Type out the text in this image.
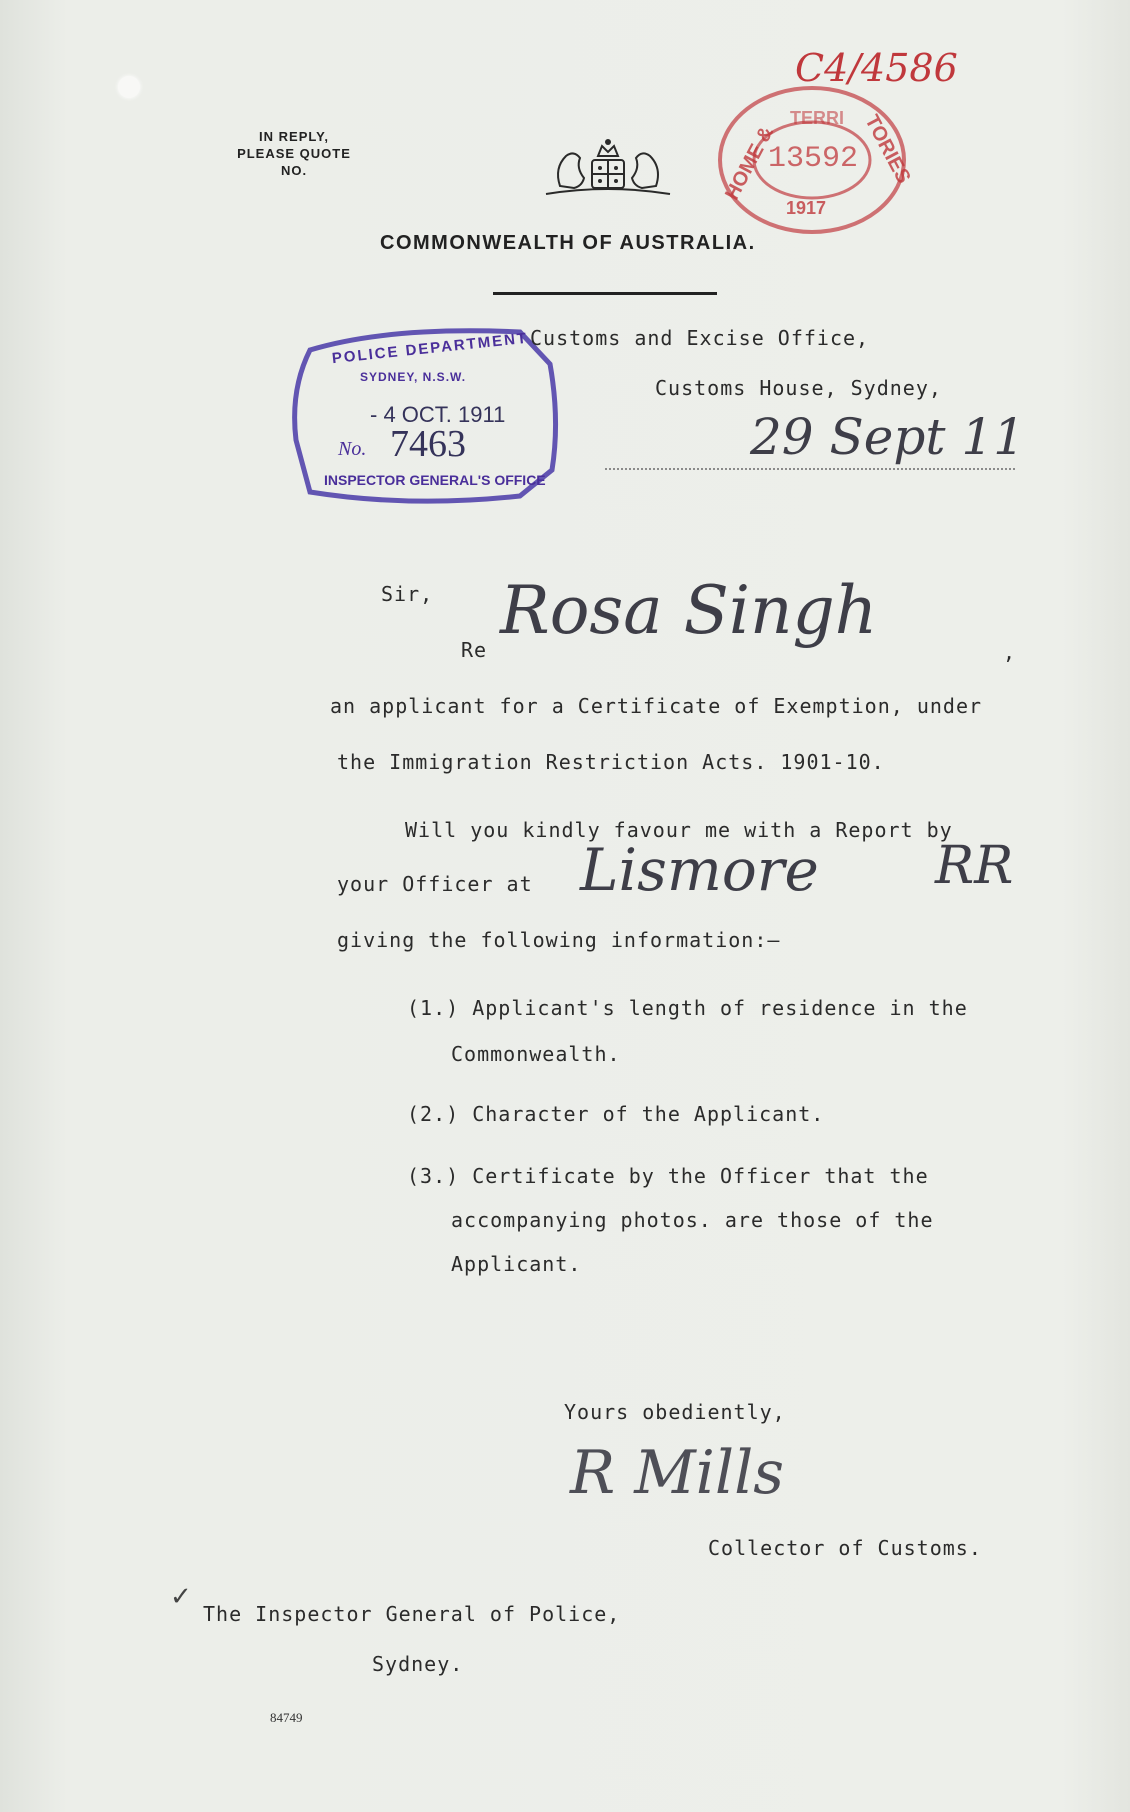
IN REPLY,
PLEASE QUOTE
NO.
C4/4586
HOME &
TERRI TORIES
13592
1917
COMMONWEALTH OF AUSTRALIA.
POLICE DEPARTMENT
SYDNEY, N.S.W.
- 4 OCT. 1911
No. 7463
INSPECTOR GENERAL'S OFFICE
Customs and Excise Office,
Customs House, Sydney,
29 Sept 11
Sir,
Re
Rosa Singh
,
an applicant for a Certificate of Exemption, under
the Immigration Restriction Acts. 1901-10.
Will you kindly favour me with a Report by
your Officer at Lismore RR
giving the following information:—
(1.) Applicant's length of residence in the
Commonwealth.
(2.) Character of the Applicant.
(3.) Certificate by the Officer that the
accompanying photos. are those of the
Applicant.
Yours obediently,
R Mills
Collector of Customs.
✓
The Inspector General of Police,
Sydney.
84749
